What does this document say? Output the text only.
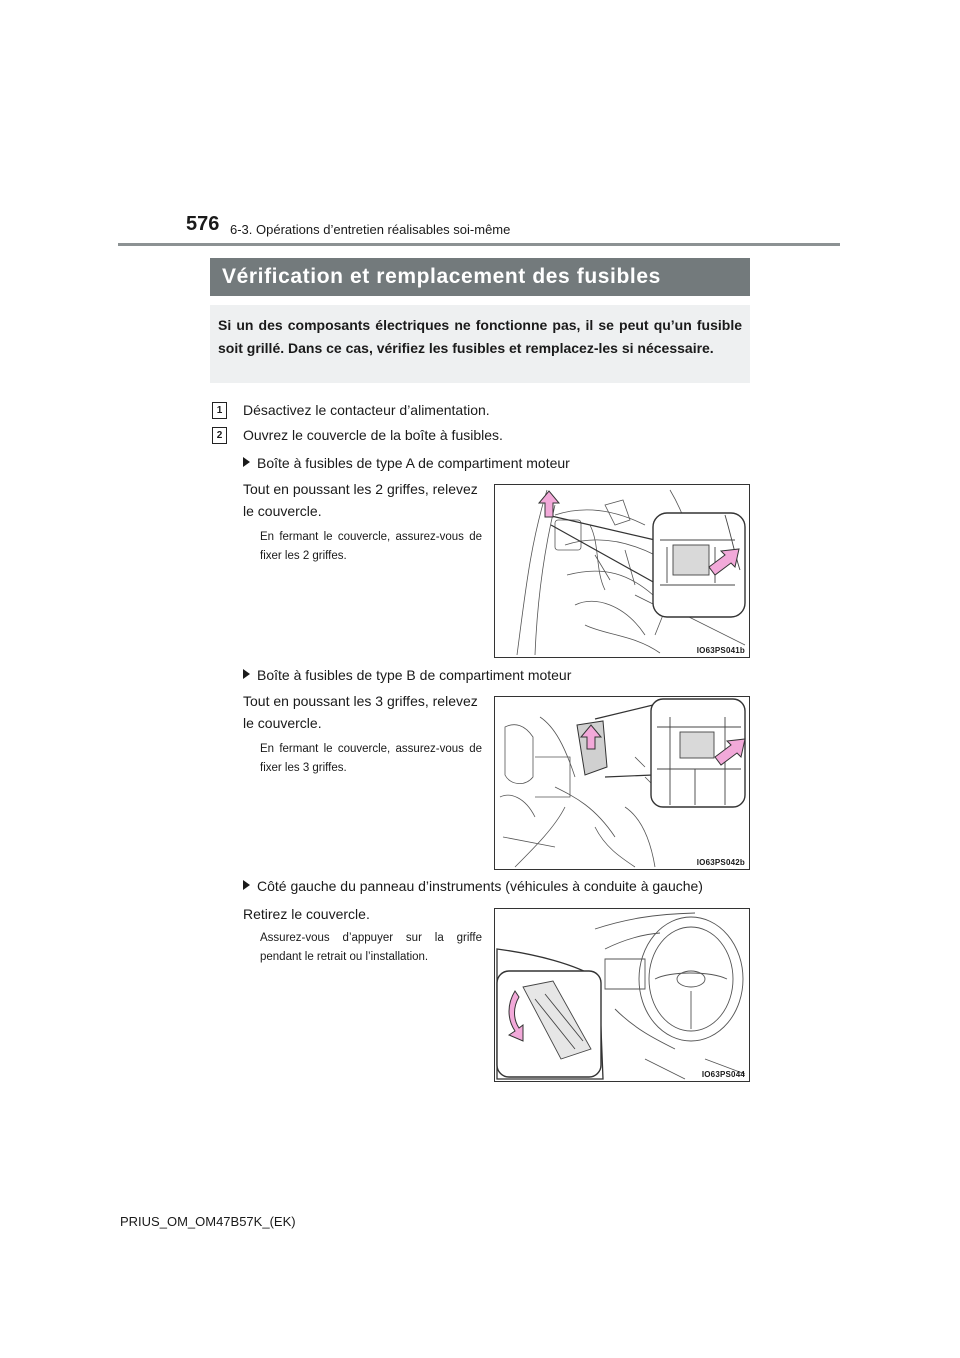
576 6-3. Opérations d’entretien réalisables soi-même
Vérification et remplacement des fusibles
Si un des composants électriques ne fonctionne pas, il se peut qu’un fusible soit grillé. Dans ce cas, vérifiez les fusibles et remplacez-les si nécessaire.
1	Désactivez le contacteur d’alimentation.
2	Ouvrez le couvercle de la boîte à fusibles.
Boîte à fusibles de type A de compartiment moteur
Tout en poussant les 2 griffes, relevez le couvercle.
En fermant le couvercle, assurez-vous de fixer les 2 griffes.
IO63PS041b
Boîte à fusibles de type B de compartiment moteur
Tout en poussant les 3 griffes, relevez le couvercle.
En fermant le couvercle, assurez-vous de fixer les 3 griffes.
IO63PS042b
Côté gauche du panneau d’instruments (véhicules à conduite à gauche)
Retirez le couvercle.
Assurez-vous d’appuyer sur la griffe pendant le retrait ou l’installation.
IO63PS044
PRIUS_OM_OM47B57K_(EK)
